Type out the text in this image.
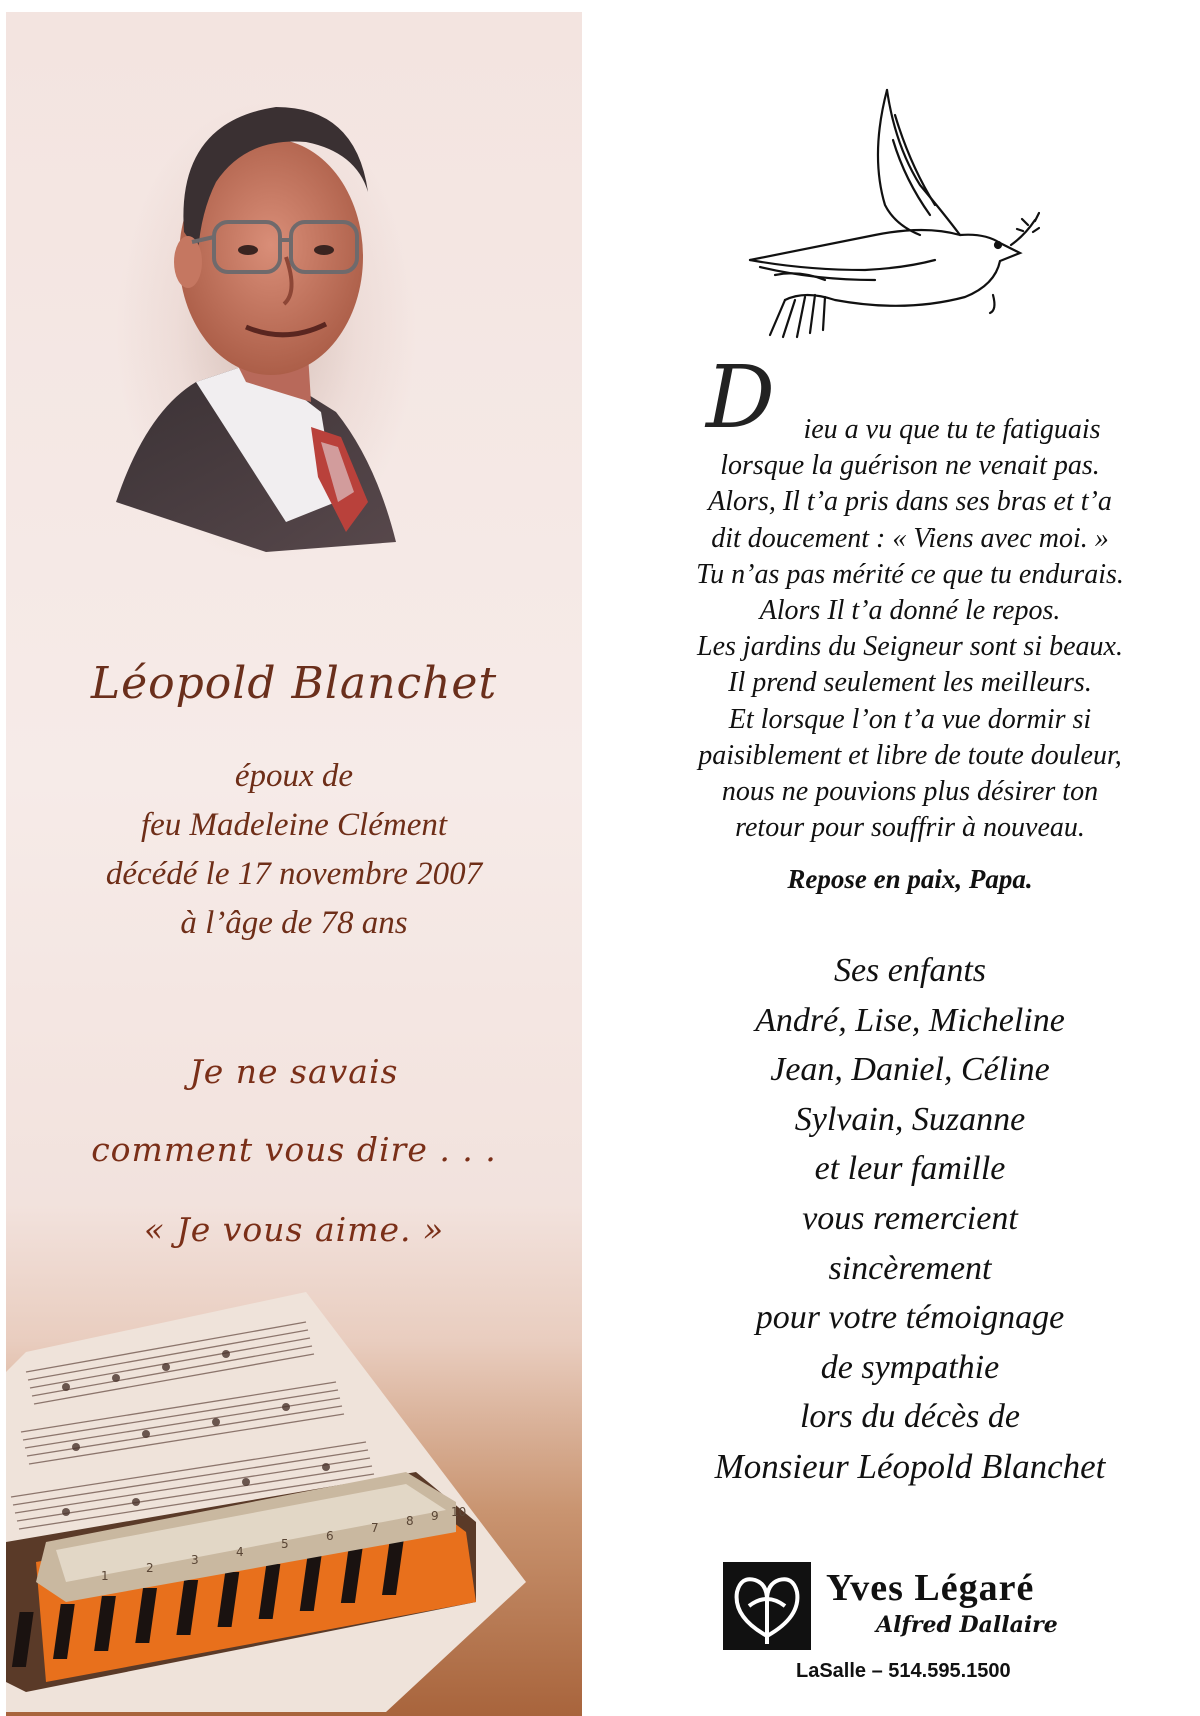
Léopold Blanchet
époux de
feu Madeleine Clément
décédé le 17 novembre 2007
à l’âge de 78 ans
Je ne savais
comment vous dire . . .
« Je vous aime. »
2
3
4
5
6
7
1
8 9 10
D	ieu a vu que tu te fatiguais
lorsque la guérison ne venait pas.
Alors, Il t’a pris dans ses bras et t’a
dit doucement : « Viens avec moi. »
Tu n’as pas mérité ce que tu endurais.
Alors Il t’a donné le repos.
Les jardins du Seigneur sont si beaux.
Il prend seulement les meilleurs.
Et lorsque l’on t’a vue dormir si
paisiblement et libre de toute douleur,
nous ne pouvions plus désirer ton
retour pour souffrir à nouveau.
Repose en paix, Papa.
Ses enfants
André, Lise, Micheline
Jean, Daniel, Céline
Sylvain, Suzanne
et leur famille
vous remercient
sincèrement
pour votre témoignage
de sympathie
lors du décès de
Monsieur Léopold Blanchet
Yves Légaré
Alfred Dallaire
LaSalle – 514.595.1500
